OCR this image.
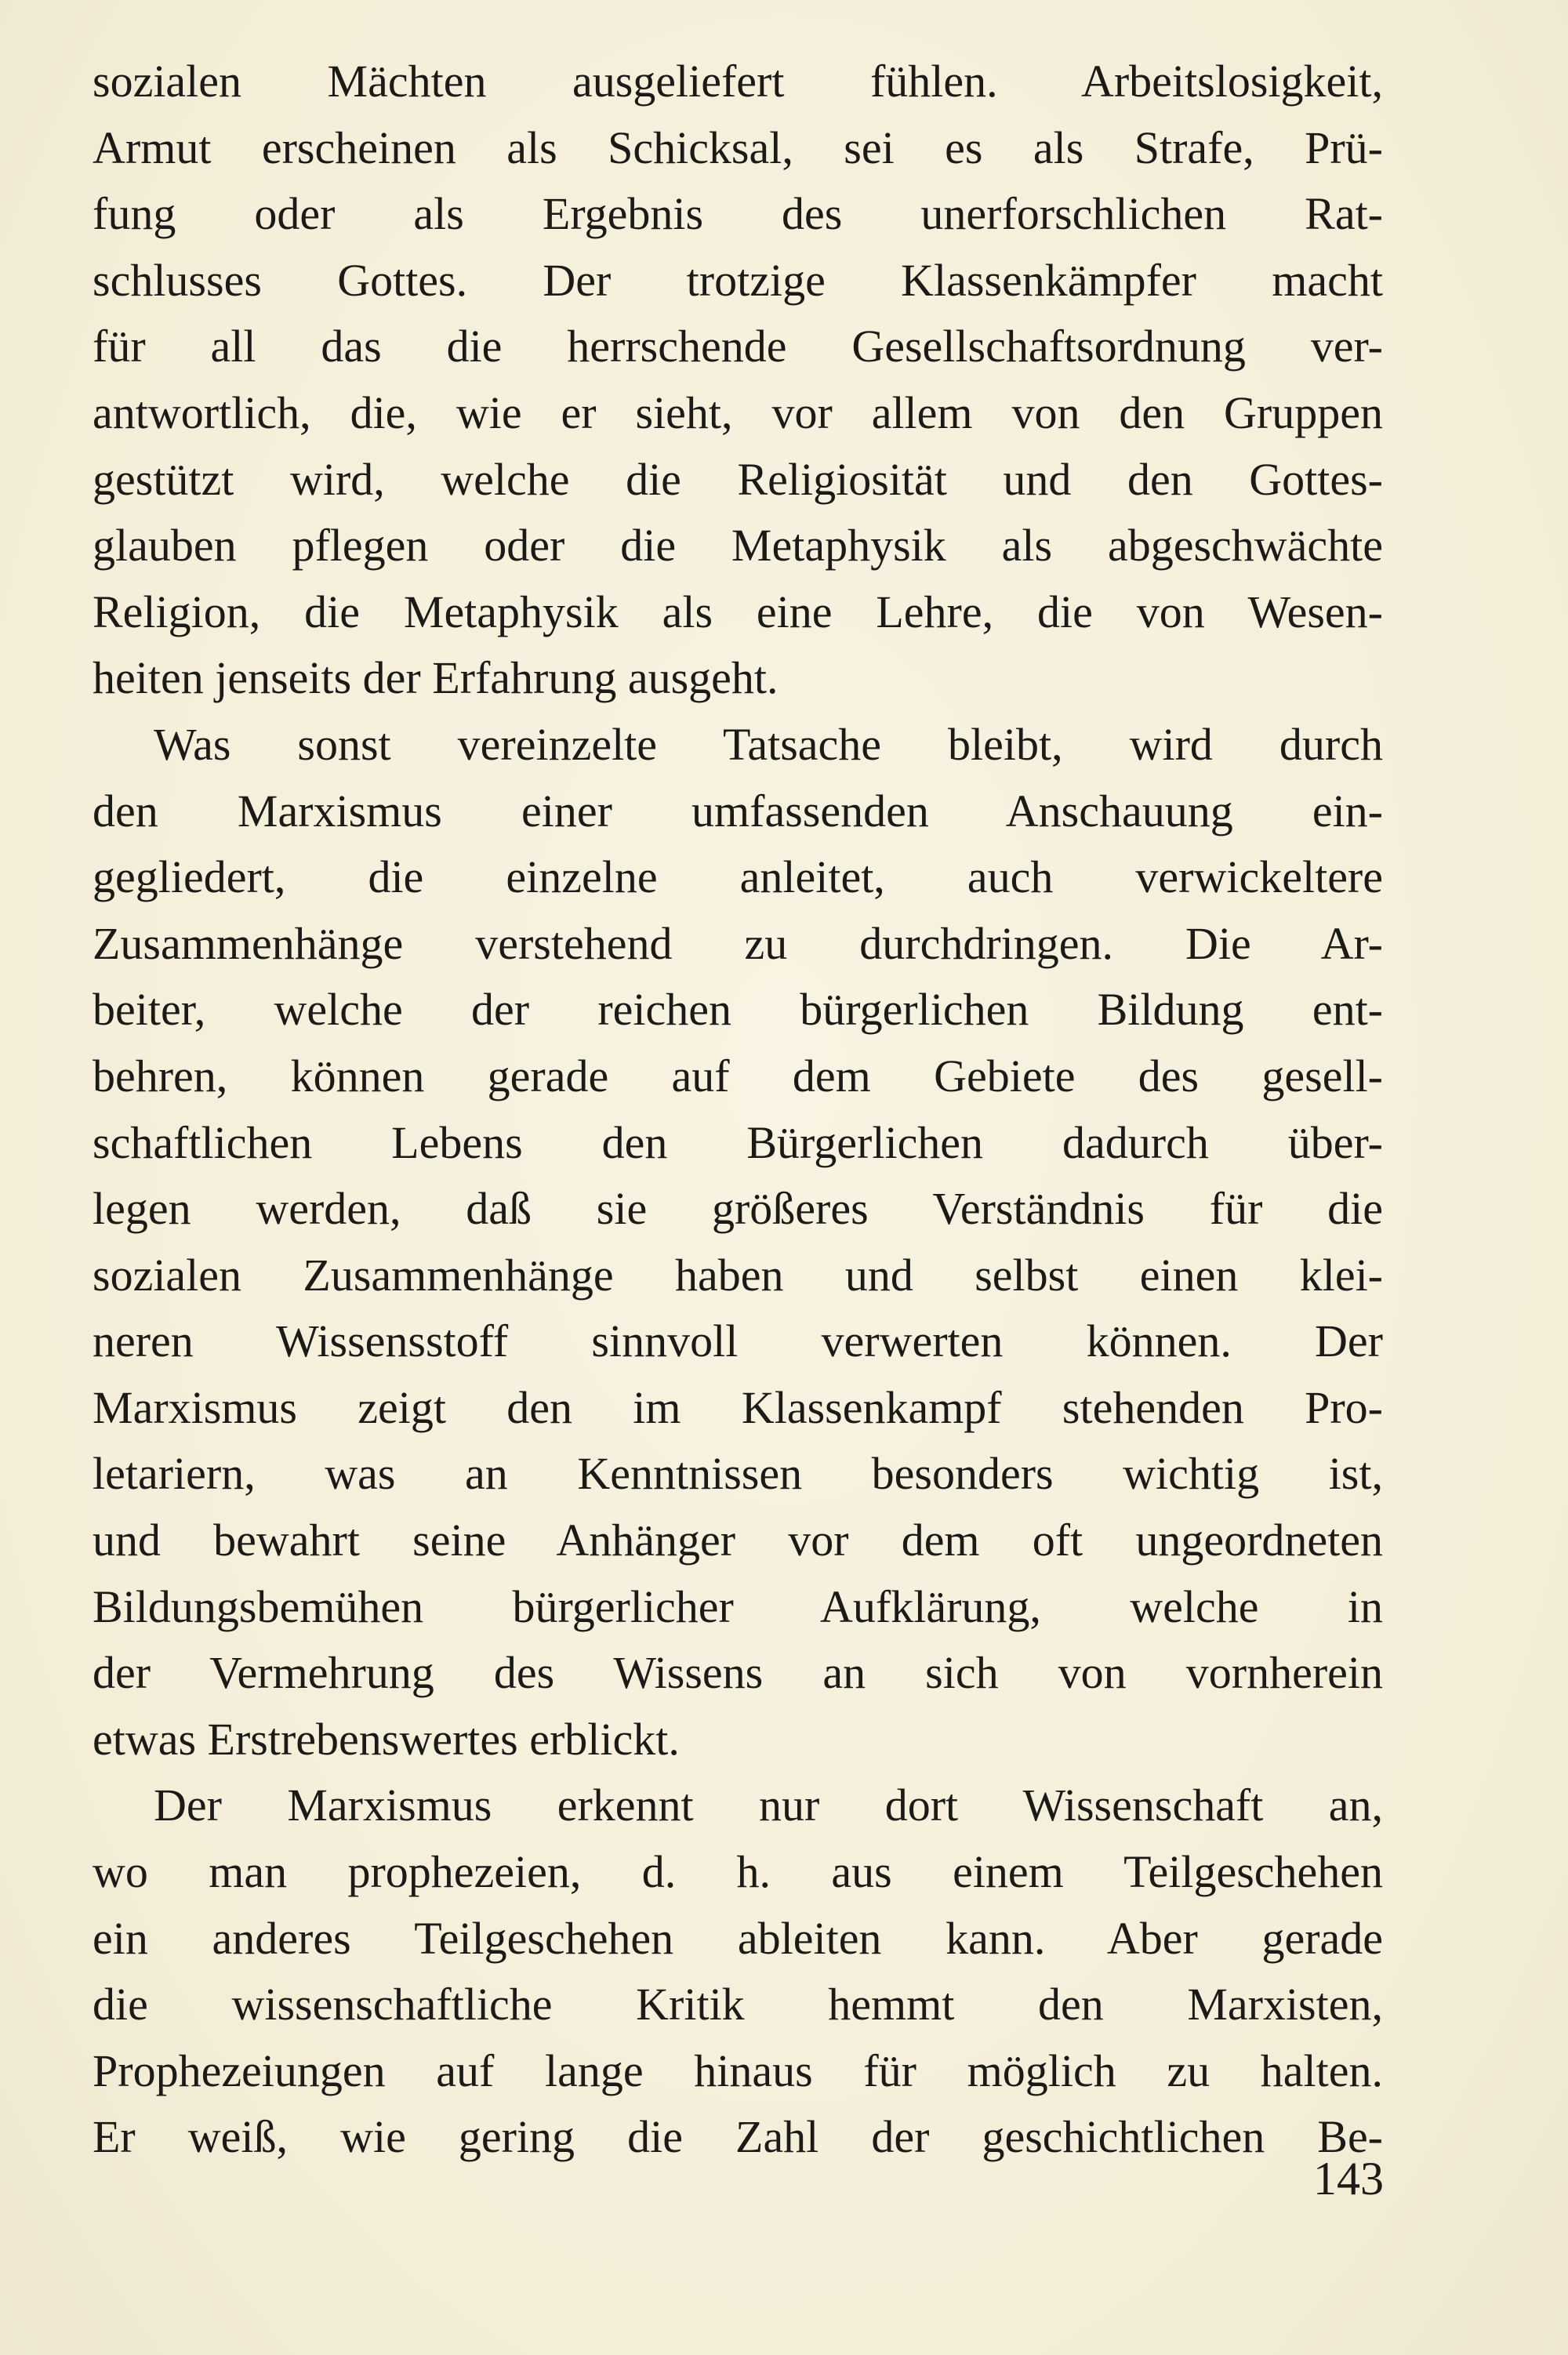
sozialen Mächten ausgeliefert fühlen. Arbeitslosigkeit,
Armut erscheinen als Schicksal, sei es als Strafe, Prü-
fung oder als Ergebnis des unerforschlichen Rat-
schlusses Gottes. Der trotzige Klassenkämpfer macht
für all das die herrschende Gesellschaftsordnung ver-
antwortlich, die, wie er sieht, vor allem von den Gruppen
gestützt wird, welche die Religiosität und den Gottes-
glauben pflegen oder die Metaphysik als abgeschwächte
Religion, die Metaphysik als eine Lehre, die von Wesen-
heiten jenseits der Erfahrung ausgeht.
Was sonst vereinzelte Tatsache bleibt, wird durch
den Marxismus einer umfassenden Anschauung ein-
gegliedert, die einzelne anleitet, auch verwickeltere
Zusammenhänge verstehend zu durchdringen. Die Ar-
beiter, welche der reichen bürgerlichen Bildung ent-
behren, können gerade auf dem Gebiete des gesell-
schaftlichen Lebens den Bürgerlichen dadurch über-
legen werden, daß sie größeres Verständnis für die
sozialen Zusammenhänge haben und selbst einen klei-
neren Wissensstoff sinnvoll verwerten können. Der
Marxismus zeigt den im Klassenkampf stehenden Pro-
letariern, was an Kenntnissen besonders wichtig ist,
und bewahrt seine Anhänger vor dem oft ungeordneten
Bildungsbemühen bürgerlicher Aufklärung, welche in
der Vermehrung des Wissens an sich von vornherein
etwas Erstrebenswertes erblickt.
Der Marxismus erkennt nur dort Wissenschaft an,
wo man prophezeien, d. h. aus einem Teilgeschehen
ein anderes Teilgeschehen ableiten kann. Aber gerade
die wissenschaftliche Kritik hemmt den Marxisten,
Prophezeiungen auf lange hinaus für möglich zu halten.
Er weiß, wie gering die Zahl der geschichtlichen Be-
143
